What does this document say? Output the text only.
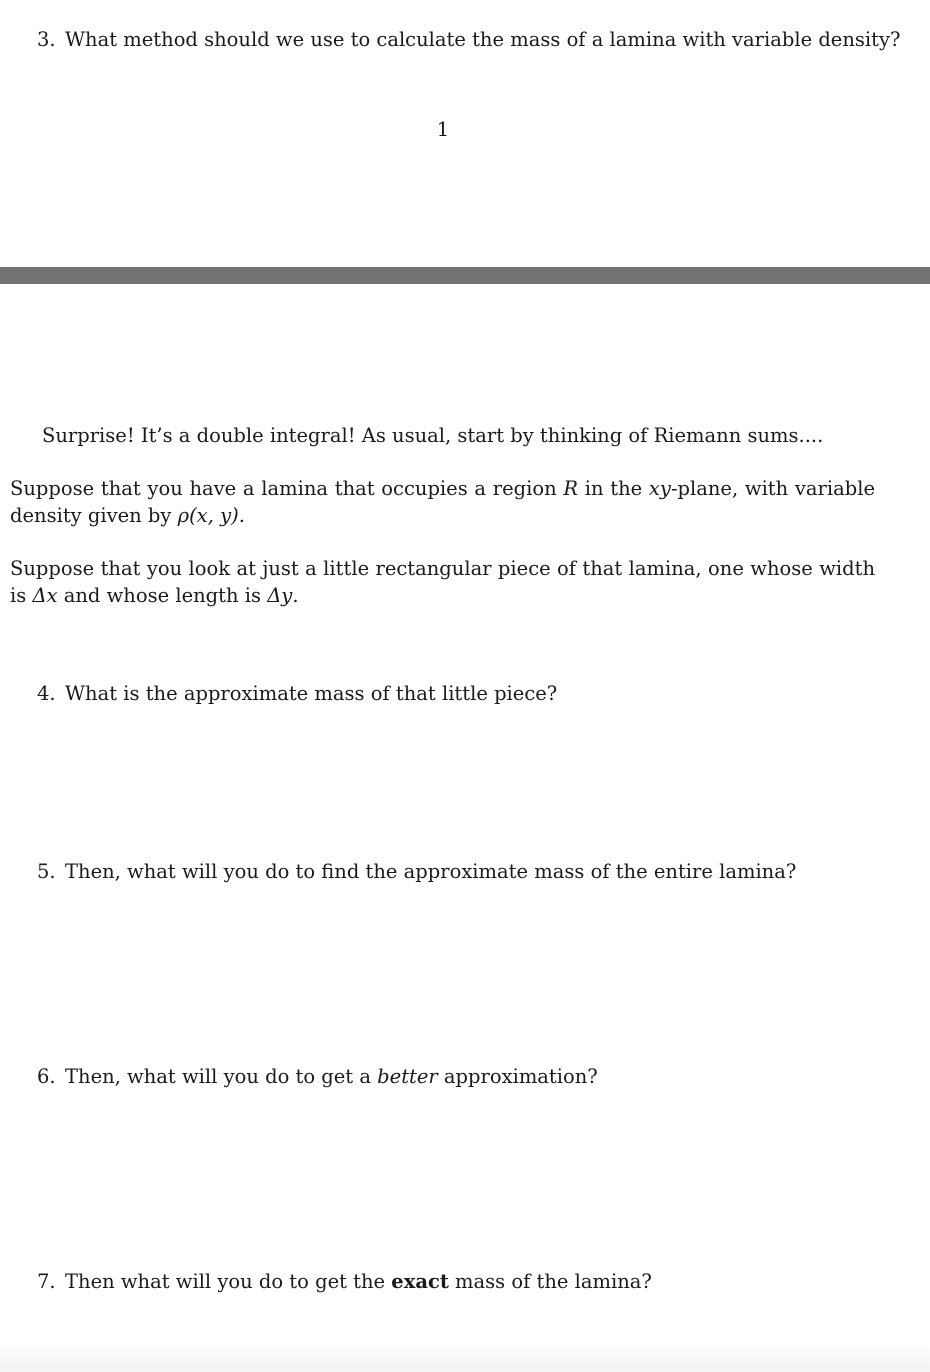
3. What method should we use to calculate the mass of a lamina with variable density?

1

Surprise! It’s a double integral! As usual, start by thinking of Riemann sums....

Suppose that you have a lamina that occupies a region R in the xy-plane, with variable density given by ρ(x, y).

Suppose that you look at just a little rectangular piece of that lamina, one whose width is Δx and whose length is Δy.

4. What is the approximate mass of that little piece?

5. Then, what will you do to find the approximate mass of the entire lamina?

6. Then, what will you do to get a better approximation?

7. Then what will you do to get the exact mass of the lamina?
